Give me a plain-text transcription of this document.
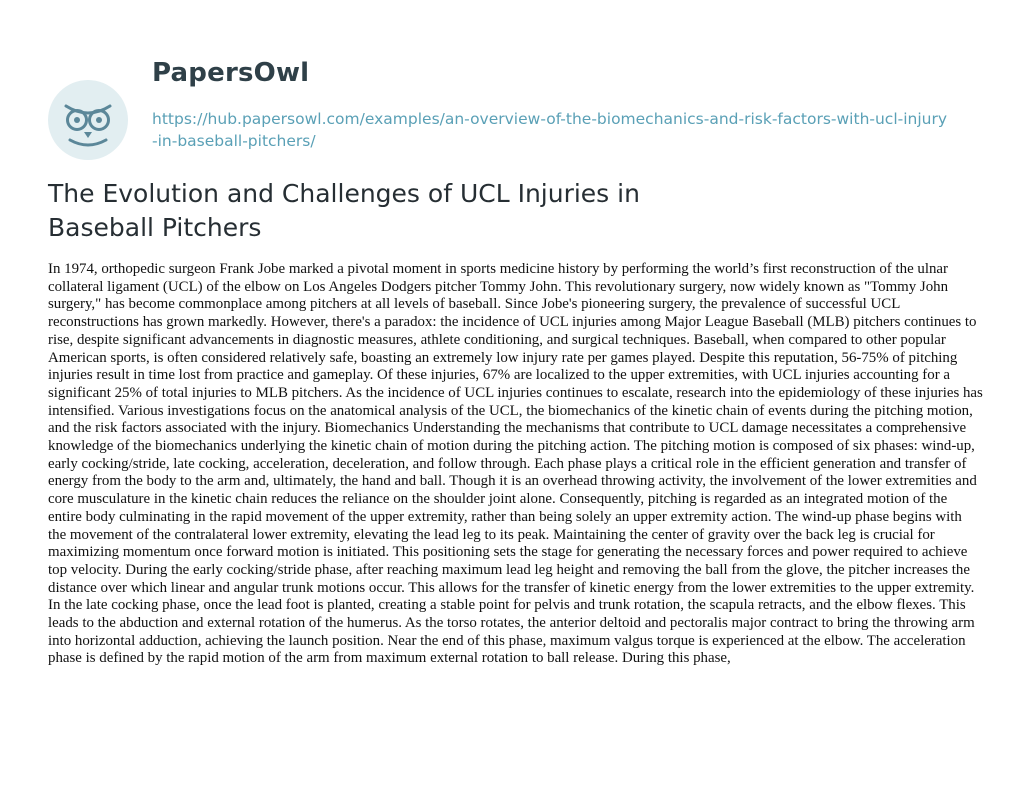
PapersOwl
https://hub.papersowl.com/examples/an-overview-of-the-biomechanics-and-risk-factors-with-ucl-injury-in-baseball-pitchers/
The Evolution and Challenges of UCL Injuries in Baseball Pitchers

In 1974, orthopedic surgeon Frank Jobe marked a pivotal moment in sports medicine history by performing the world’s first reconstruction of the ulnar collateral ligament (UCL) of the elbow on Los Angeles Dodgers pitcher Tommy John. This revolutionary surgery, now widely known as "Tommy John surgery," has become commonplace among pitchers at all levels of baseball. Since Jobe's pioneering surgery, the prevalence of successful UCL reconstructions has grown markedly. However, there's a paradox: the incidence of UCL injuries among Major League Baseball (MLB) pitchers continues to rise, despite significant advancements in diagnostic measures, athlete conditioning, and surgical techniques. Baseball, when compared to other popular American sports, is often considered relatively safe, boasting an extremely low injury rate per games played. Despite this reputation, 56-75% of pitching injuries result in time lost from practice and gameplay. Of these injuries, 67% are localized to the upper extremities, with UCL injuries accounting for a significant 25% of total injuries to MLB pitchers. As the incidence of UCL injuries continues to escalate, research into the epidemiology of these injuries has intensified. Various investigations focus on the anatomical analysis of the UCL, the biomechanics of the kinetic chain of events during the pitching motion, and the risk factors associated with the injury. Biomechanics Understanding the mechanisms that contribute to UCL damage necessitates a comprehensive knowledge of the biomechanics underlying the kinetic chain of motion during the pitching action. The pitching motion is composed of six phases: wind-up, early cocking/stride, late cocking, acceleration, deceleration, and follow through. Each phase plays a critical role in the efficient generation and transfer of energy from the body to the arm and, ultimately, the hand and ball. Though it is an overhead throwing activity, the involvement of the lower extremities and core musculature in the kinetic chain reduces the reliance on the shoulder joint alone. Consequently, pitching is regarded as an integrated motion of the entire body culminating in the rapid movement of the upper extremity, rather than being solely an upper extremity action. The wind-up phase begins with the movement of the contralateral lower extremity, elevating the lead leg to its peak. Maintaining the center of gravity over the back leg is crucial for maximizing momentum once forward motion is initiated. This positioning sets the stage for generating the necessary forces and power required to achieve top velocity. During the early cocking/stride phase, after reaching maximum lead leg height and removing the ball from the glove, the pitcher increases the distance over which linear and angular trunk motions occur. This allows for the transfer of kinetic energy from the lower extremities to the upper extremity. In the late cocking phase, once the lead foot is planted, creating a stable point for pelvis and trunk rotation, the scapula retracts, and the elbow flexes. This leads to the abduction and external rotation of the humerus. As the torso rotates, the anterior deltoid and pectoralis major contract to bring the throwing arm into horizontal adduction, achieving the launch position. Near the end of this phase, maximum valgus torque is experienced at the elbow. The acceleration phase is defined by the rapid motion of the arm from maximum external rotation to ball release. During this phase,
